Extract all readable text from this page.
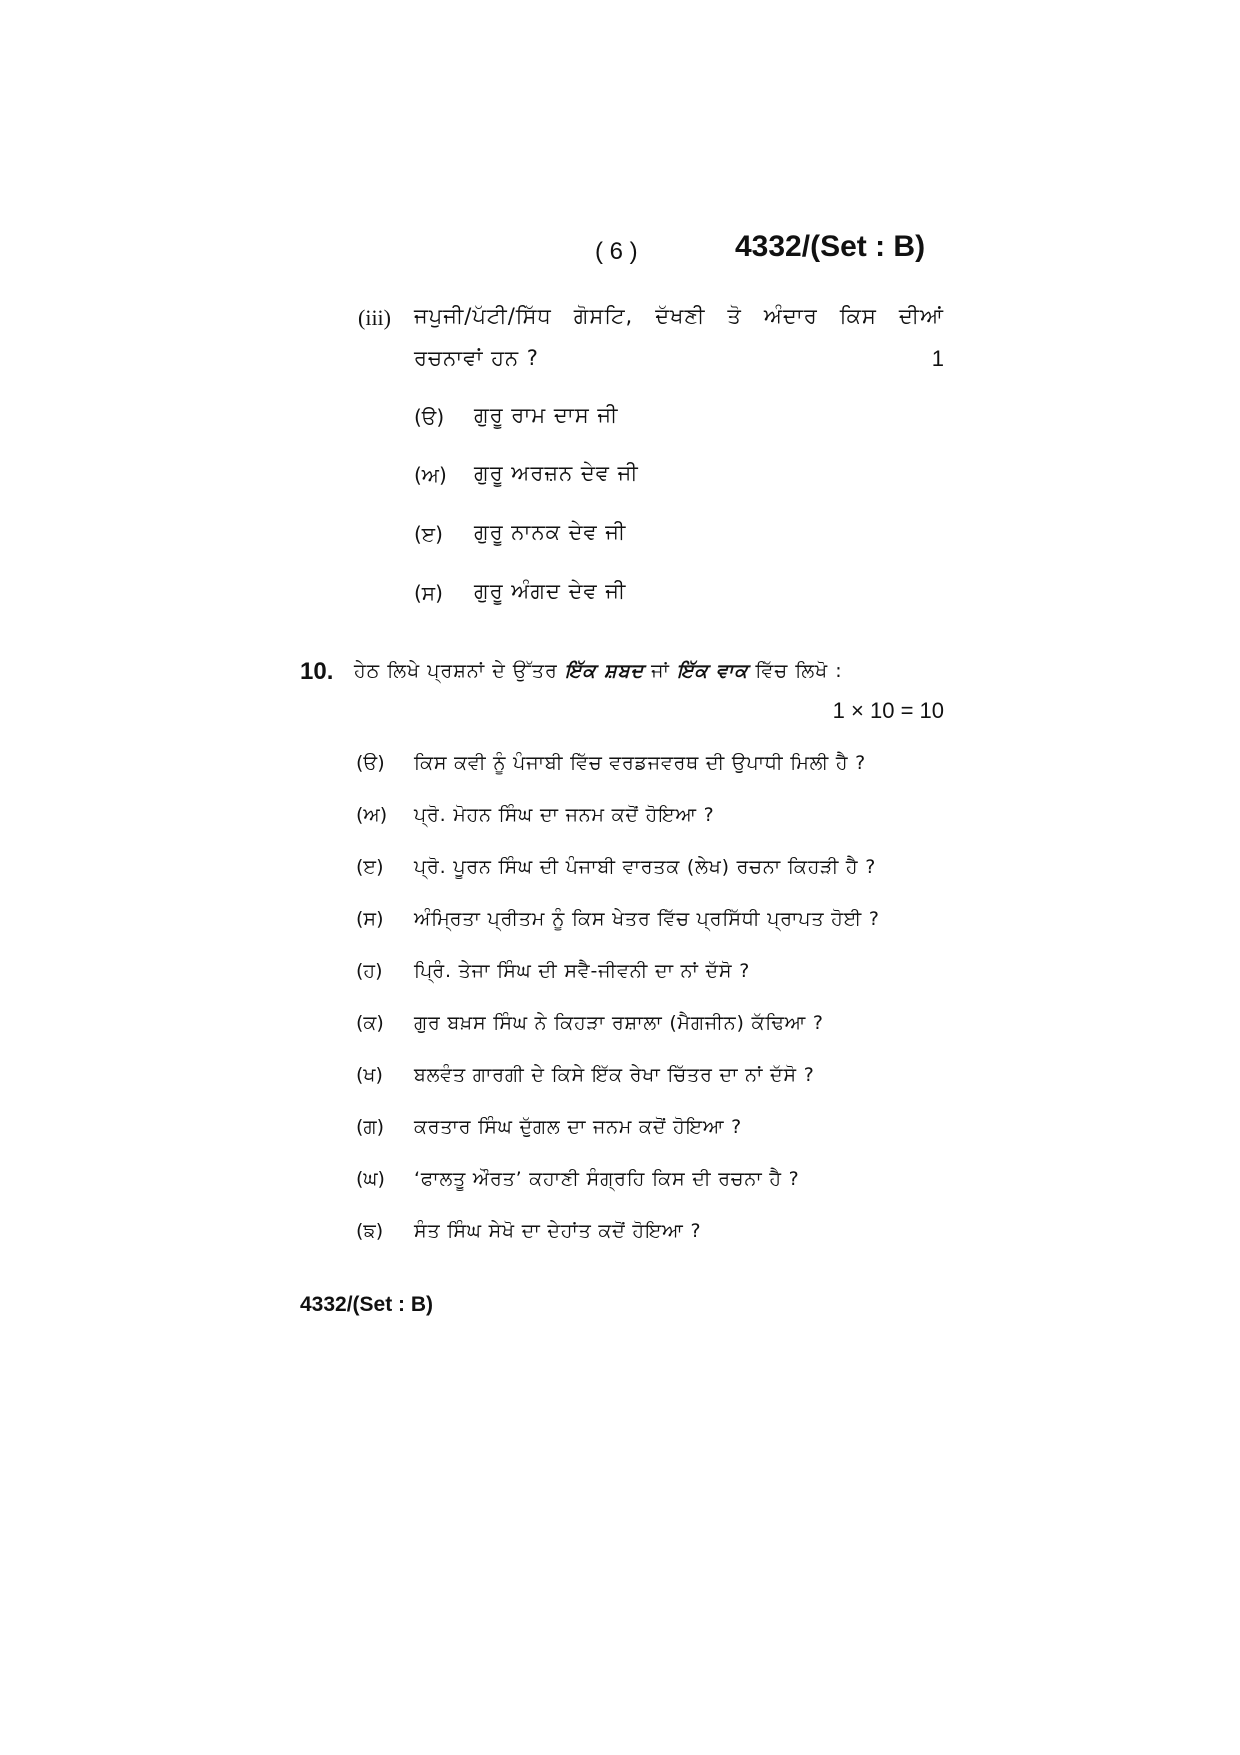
( 6 )	4332/(Set : B)
(iii) ਜਪੁਜੀ/ਪੱਟੀ/ਸਿੱਧ ਗੋਸਟਿ, ਦੱਖਣੀ ਤੋ ਅੰਦਾਰ ਕਿਸ ਦੀਆਂ
ਰਚਨਾਵਾਂ ਹਨ ?	1
(ੳ) ਗੁਰੂ ਰਾਮ ਦਾਸ ਜੀ
(ਅ) ਗੁਰੂ ਅਰਜ਼ਨ ਦੇਵ ਜੀ
(ੲ) ਗੁਰੂ ਨਾਨਕ ਦੇਵ ਜੀ
(ਸ) ਗੁਰੂ ਅੰਗਦ ਦੇਵ ਜੀ
10. ਹੇਠ ਲਿਖੇ ਪ੍ਰਸ਼ਨਾਂ ਦੇ ਉੱਤਰ ਇੱਕ ਸ਼ਬਦ ਜਾਂ ਇੱਕ ਵਾਕ ਵਿੱਚ ਲਿਖੋ :
1 × 10 = 10
(ੳ) ਕਿਸ ਕਵੀ ਨੂੰ ਪੰਜਾਬੀ ਵਿੱਚ ਵਰਡਜਵਰਥ ਦੀ ਉਪਾਧੀ ਮਿਲੀ ਹੈ ?
(ਅ) ਪ੍ਰੋ. ਮੋਹਨ ਸਿੰਘ ਦਾ ਜਨਮ ਕਦੋਂ ਹੋਇਆ ?
(ੲ) ਪ੍ਰੋ. ਪੂਰਨ ਸਿੰਘ ਦੀ ਪੰਜਾਬੀ ਵਾਰਤਕ (ਲੇਖ) ਰਚਨਾ ਕਿਹੜੀ ਹੈ ?
(ਸ) ਅੰਮ੍ਰਿਤਾ ਪ੍ਰੀਤਮ ਨੂੰ ਕਿਸ ਖੇਤਰ ਵਿੱਚ ਪ੍ਰਸਿੱਧੀ ਪ੍ਰਾਪਤ ਹੋਈ ?
(ਹ) ਪ੍ਰਿੰ. ਤੇਜਾ ਸਿੰਘ ਦੀ ਸਵੈ-ਜੀਵਨੀ ਦਾ ਨਾਂ ਦੱਸੋ ?
(ਕ) ਗੁਰ ਬਖ਼ਸ ਸਿੰਘ ਨੇ ਕਿਹੜਾ ਰਸ਼ਾਲਾ (ਮੈਗਜੀਨ) ਕੱਢਿਆ ?
(ਖ) ਬਲਵੰਤ ਗਾਰਗੀ ਦੇ ਕਿਸੇ ਇੱਕ ਰੇਖਾ ਚਿੱਤਰ ਦਾ ਨਾਂ ਦੱਸੋ ?
(ਗ) ਕਰਤਾਰ ਸਿੰਘ ਦੁੱਗਲ ਦਾ ਜਨਮ ਕਦੋਂ ਹੋਇਆ ?
(ਘ) ‘ਫਾਲਤੂ ਔਰਤ’ ਕਹਾਣੀ ਸੰਗ੍ਰਹਿ ਕਿਸ ਦੀ ਰਚਨਾ ਹੈ ?
(ਙ) ਸੰਤ ਸਿੰਘ ਸੇਖੋ ਦਾ ਦੇਹਾਂਤ ਕਦੋਂ ਹੋਇਆ ?
4332/(Set : B)
